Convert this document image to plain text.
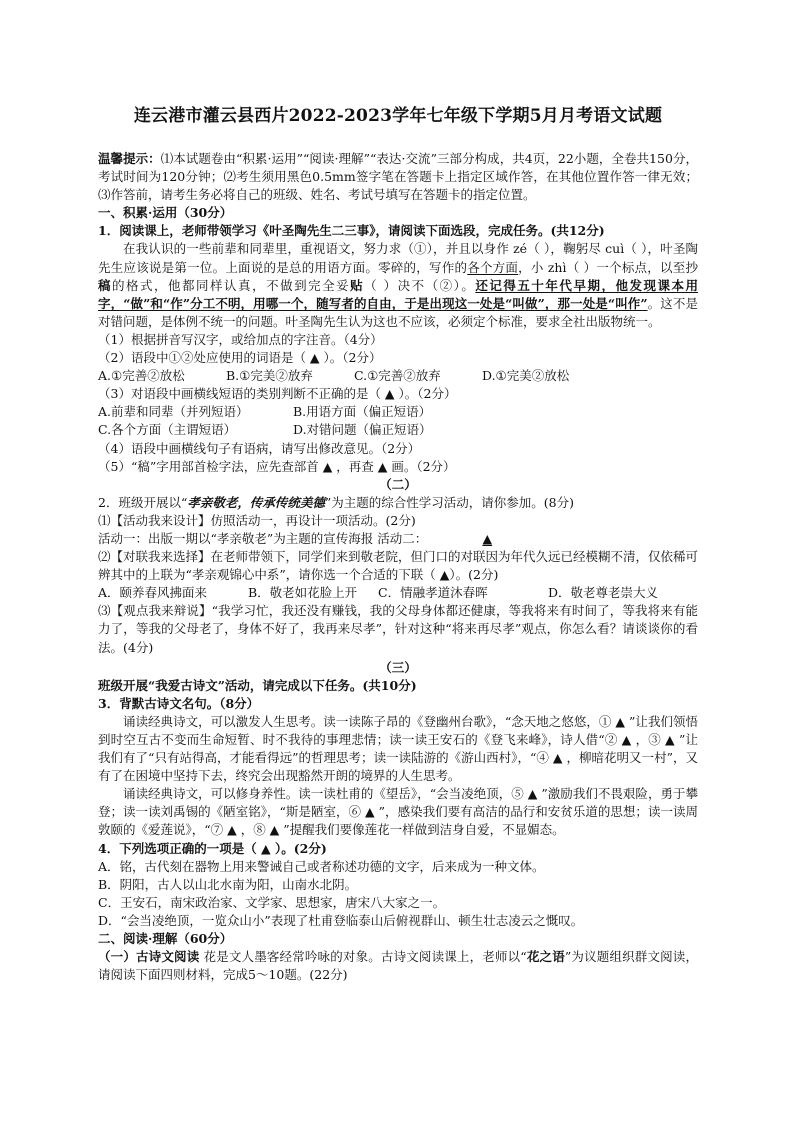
连云港市灌云县西片2022-2023学年七年级下学期5月月考语文试题

温馨提示：⑴本试题卷由“积累·运用”“阅读·理解”“表达·交流”三部分构成，共4页，22小题，全卷共150分，考试时间为120分钟；⑵考生须用黑色0.5mm签字笔在答题卡上指定区域作答，在其他位置作答一律无效；⑶作答前，请考生务必将自己的班级、姓名、考试号填写在答题卡的指定位置。

一、积累·运用（30分）

1．阅读课上，老师带领学习《叶圣陶先生二三事》，请阅读下面选段，完成任务。(共12分)

在我认识的一些前辈和同辈里，重视语文，努力求（①），并且以身作 zé（ ），鞠躬尽 cuì（ ），叶圣陶先生应该说是第一位。上面说的是总的用语方面。零碎的，写作的各个方面，小 zhì（ ）一个标点，以至抄稿的格式，他都同样认真，不做到完全妥贴（ ）决不（②）。还记得五十年代早期，他发现课本用字，“做”和“作”分工不明，用哪一个，随写者的自由，于是出现这一处是“叫做”，那一处是“叫作”。这不是对错问题，是体例不统一的问题。叶圣陶先生认为这也不应该，必须定个标准，要求全社出版物统一。

（1）根据拼音写汉字，或给加点的字注音。（4分）

（2）语段中①②处应使用的词语是（ ▲ ）。（2分）

A.①完善②放松	B.①完美②放弃	C.①完善②放弃	D.①完美②放松

（3）对语段中画横线短语的类别判断不正确的是（ ▲ ）。（2分）

A.前辈和同辈（并列短语）	B.用语方面（偏正短语）
C.各个方面（主谓短语）	D.对错问题（偏正短语）

（4）语段中画横线句子有语病，请写出修改意见。（2分）

（5）“稿”字用部首检字法，应先查部首 ▲ ，再查 ▲ 画。（2分）

（二）

2．班级开展以“孝亲敬老，传承传统美德”为主题的综合性学习活动，请你参加。(8分)

⑴【活动我来设计】仿照活动一，再设计一项活动。(2分)

活动一：出版一期以“孝亲敬老”为主题的宣传海报 活动二：	▲

⑵【对联我来选择】在老师带领下，同学们来到敬老院，但门口的对联因为年代久远已经模糊不清，仅依稀可辨其中的上联为“孝亲观锦心中系”，请你选一个合适的下联（ ▲）。(2分)

A．颐养春风拂面来	B．敬老如花脸上开	C．情融孝道沐春晖	D．敬老尊老崇大义

⑶【观点我来辩说】“我学习忙，我还没有赚钱，我的父母身体都还健康，等我将来有时间了，等我将来有能力了，等我的父母老了，身体不好了，我再来尽孝”，针对这种“将来再尽孝”观点，你怎么看？请谈谈你的看法。(4分)

（三）

班级开展“我爱古诗文”活动，请完成以下任务。(共10分)

3．背默古诗文名句。（8分）

诵读经典诗文，可以激发人生思考。读一读陈子昂的《登幽州台歌》，“念天地之悠悠，① ▲ ”让我们领悟到时空互古不变而生命短暂、时不我待的事理悲情；读一读王安石的《登飞来峰》，诗人借“② ▲ ，③ ▲ ”让我们有了“只有站得高，才能看得远”的哲理思考；读一读陆游的《游山西村》，“④ ▲ ，柳暗花明又一村”，又有了在困境中坚持下去，终究会出现豁然开朗的境界的人生思考。

诵读经典诗文，可以修身养性。读一读杜甫的《望岳》，“会当凌绝顶，⑤ ▲ ”激励我们不畏艰险，勇于攀登；读一读刘禹锡的《陋室铭》，“斯是陋室，⑥ ▲ ”，感染我们要有高洁的品行和安贫乐道的思想；读一读周敦颐的《爱莲说》，“⑦ ▲ ，⑧ ▲ ”提醒我们要像莲花一样做到洁身自爱，不显媚态。

4．下列选项正确的一项是（ ▲ ）。(2分)

A．铭，古代刻在器物上用来警诫自己或者称述功德的文字，后来成为一种文体。

B．阴阳，古人以山北水南为阳，山南水北阴。

C．王安石，南宋政治家、文学家、思想家，唐宋八大家之一。

D．“会当凌绝顶，一览众山小”表现了杜甫登临泰山后俯视群山、顿生壮志凌云之慨叹。

二、阅读·理解（60分）

（一）古诗文阅读 花是文人墨客经常吟咏的对象。古诗文阅读课上，老师以“花之语”为议题组织群文阅读，请阅读下面四则材料，完成5～10题。(22分)
